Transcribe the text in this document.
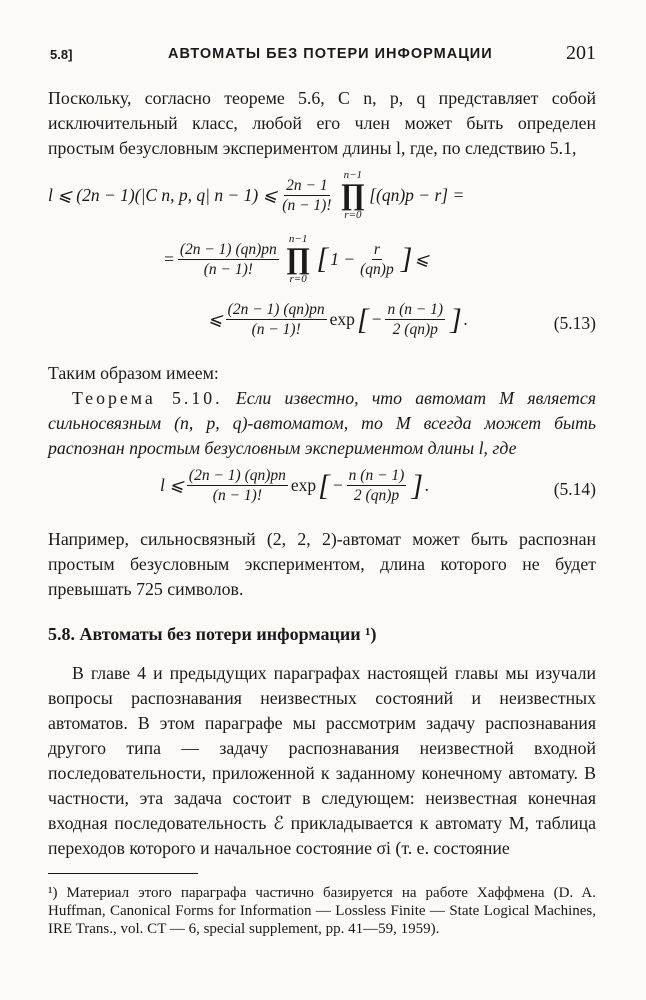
5.8]	АВТОМАТЫ БЕЗ ПОТЕРИ ИНФОРМАЦИИ	201

Поскольку, согласно теореме 5.6, C n, p, q представляет собой исключительный класс, любой его член может быть определен простым безусловным экспериментом длины l, где, по следствию 5.1,

l ⩽ (2n − 1)(|C n, p, q| n − 1) ⩽ $\frac{2n - 1}{(n - 1)!}$
n−1
∏
r=0
[(qn)p − r] =
= $\frac{(2n - 1) (qn)pn}{(n - 1)!}$
n−1
∏
r=0
[ $1 - \frac{r}{(qn)p}$ ] ⩽
⩽ $\frac{(2n - 1) (qn)pn}{(n - 1)!}$ exp [ − $\frac{n (n - 1)}{2 (qn)p}$ ] .	(5.13)

Таким образом имеем:

Теорема 5.10. Если известно, что автомат M является сильносвязным (n, p, q)-автоматом, то M всегда может быть распознан простым безусловным экспериментом длины l, где

l ⩽ $\frac{(2n - 1) (qn)pn}{(n - 1)!}$ exp [ − $\frac{n (n - 1)}{2 (qn)p}$ ] .	(5.14)

Например, сильносвязный (2, 2, 2)-автомат может быть распознан простым безусловным экспериментом, длина которого не будет превышать 725 символов.

5.8. Автоматы без потери информации ¹)

В главе 4 и предыдущих параграфах настоящей главы мы изучали вопросы распознавания неизвестных состояний и неизвестных автоматов. В этом параграфе мы рассмотрим задачу распознавания другого типа — задачу распознавания неизвестной входной последовательности, приложенной к заданному конечному автомату. В частности, эта задача состоит в следующем: неизвестная конечная входная последовательность ℰ прикладывается к автомату M, таблица переходов которого и начальное состояние σi (т. е. состояние

¹) Материал этого параграфа частично базируется на работе Хаффмена (D. A. Huffman, Canonical Forms for Information — Lossless Finite — State Logical Machines, IRE Trans., vol. CT — 6, special supplement, pp. 41—59, 1959).
